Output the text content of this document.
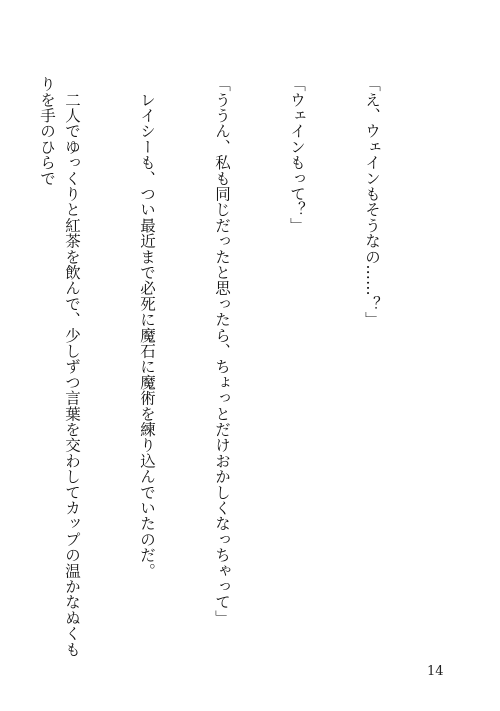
「え、ウェインもそうなの……？」

「ウェインもって？」

「ううん、私も同じだったと思ったら、ちょっとだけおかしくなっちゃって」

　レイシーも、つい最近まで必死に魔石に魔術を練り込んでいたのだ。

　二人でゆっくりと紅茶を飲んで、少しずつ言葉を交わしてカップの温かなぬくもりを手のひらで

14
